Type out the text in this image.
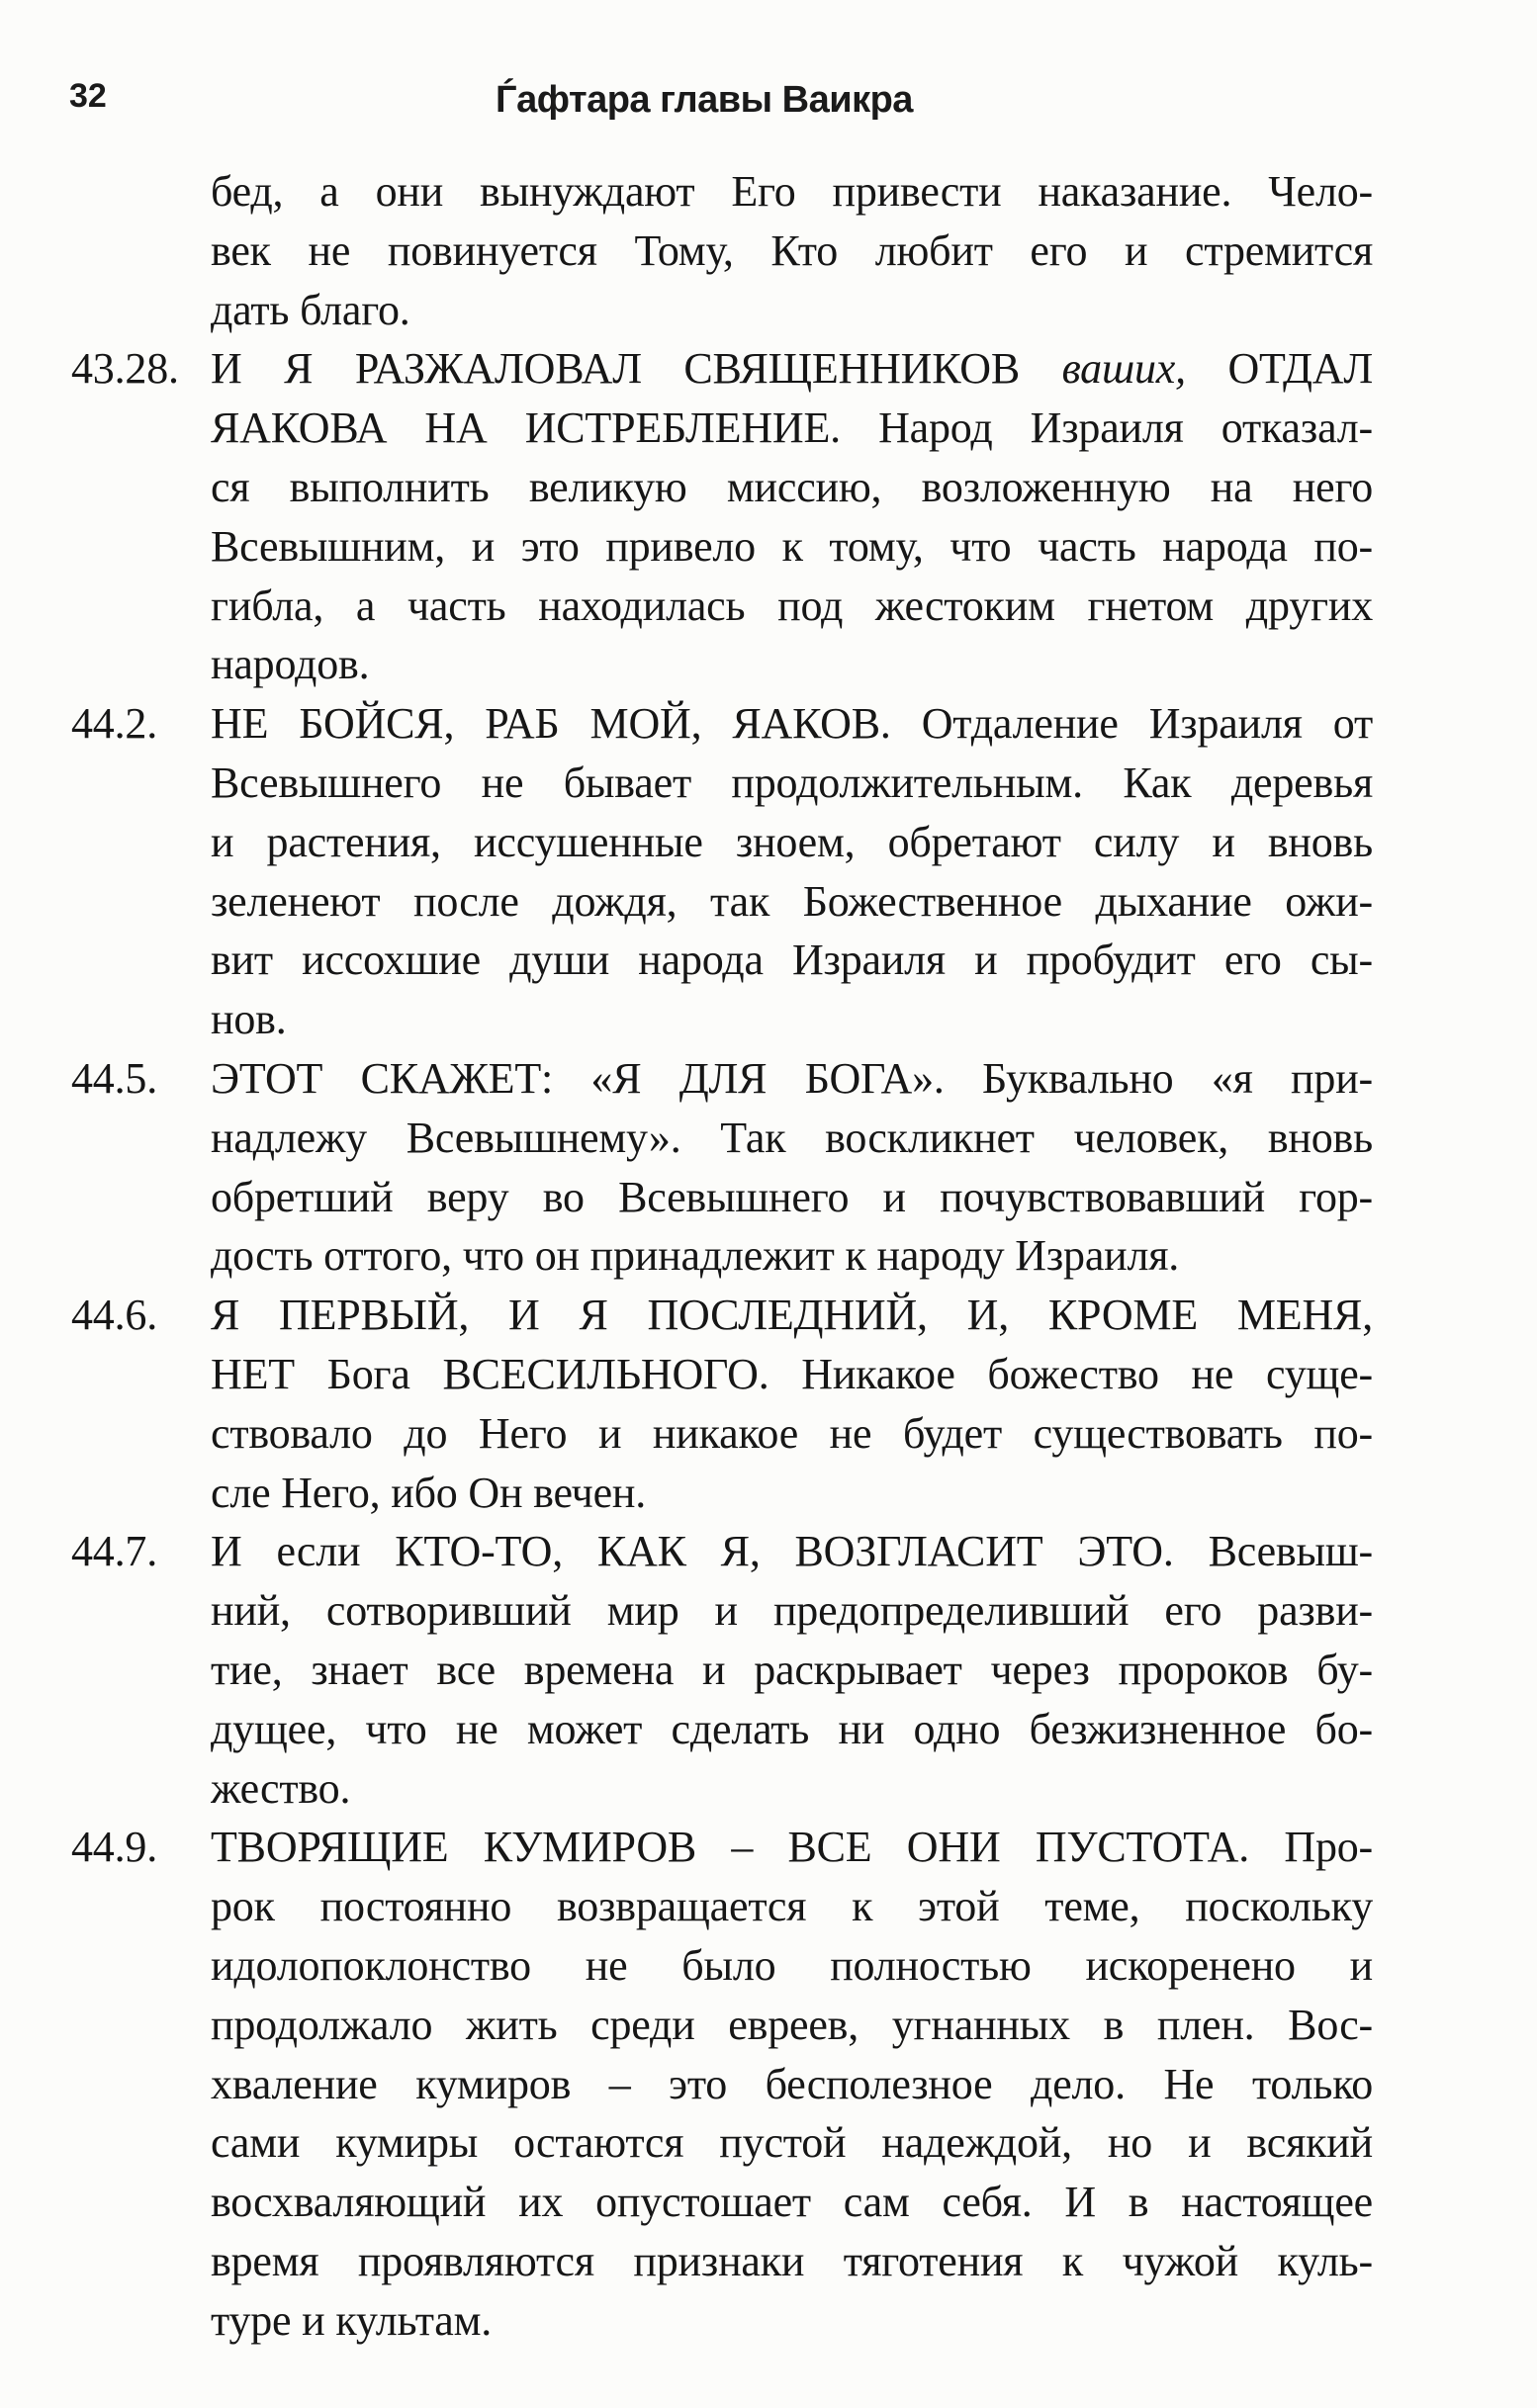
32	Ѓафтара главы Ваикра
бед, а они вынуждают Его привести наказание. Чело-
век не повинуется Тому, Кто любит его и стремится
дать благо.
43.28. И Я РАЗЖАЛОВАЛ СВЯЩЕННИКОВ ваших, ОТДАЛ
ЯАКОВА НА ИСТРЕБЛЕНИЕ. Народ Израиля отказал-
ся выполнить великую миссию, возложенную на него
Всевышним, и это привело к тому, что часть народа по-
гибла, а часть находилась под жестоким гнетом других
народов.
44.2.	НЕ БОЙСЯ, РАБ МОЙ, ЯАКОВ. Отдаление Израиля от
Всевышнего не бывает продолжительным. Как деревья
и растения, иссушенные зноем, обретают силу и вновь
зеленеют после дождя, так Божественное дыхание ожи-
вит иссохшие души народа Израиля и пробудит его сы-
нов.
44.5.	ЭТОТ СКАЖЕТ: «Я ДЛЯ БОГА». Буквально «я при-
надлежу Всевышнему». Так воскликнет человек, вновь
обретший веру во Всевышнего и почувствовавший гор-
дость оттого, что он принадлежит к народу Израиля.
44.6.	Я ПЕРВЫЙ, И Я ПОСЛЕДНИЙ, И, КРОМЕ МЕНЯ,
НЕТ Бога ВСЕСИЛЬНОГО. Никакое божество не суще-
ствовало до Него и никакое не будет существовать по-
сле Него, ибо Он вечен.
44.7.	И если КТО-ТО, КАК Я, ВОЗГЛАСИТ ЭТО. Всевыш-
ний, сотворивший мир и предопределивший его разви-
тие, знает все времена и раскрывает через пророков бу-
дущее, что не может сделать ни одно безжизненное бо-
жество.
44.9.	ТВОРЯЩИЕ КУМИРОВ – ВСЕ ОНИ ПУСТОТА. Про-
рок постоянно возвращается к этой теме, поскольку
идолопоклонство не было полностью искоренено и
продолжало жить среди евреев, угнанных в плен. Вос-
хваление кумиров – это бесполезное дело. Не только
сами кумиры остаются пустой надеждой, но и всякий
восхваляющий их опустошает сам себя. И в настоящее
время проявляются признаки тяготения к чужой куль-
туре и культам.
